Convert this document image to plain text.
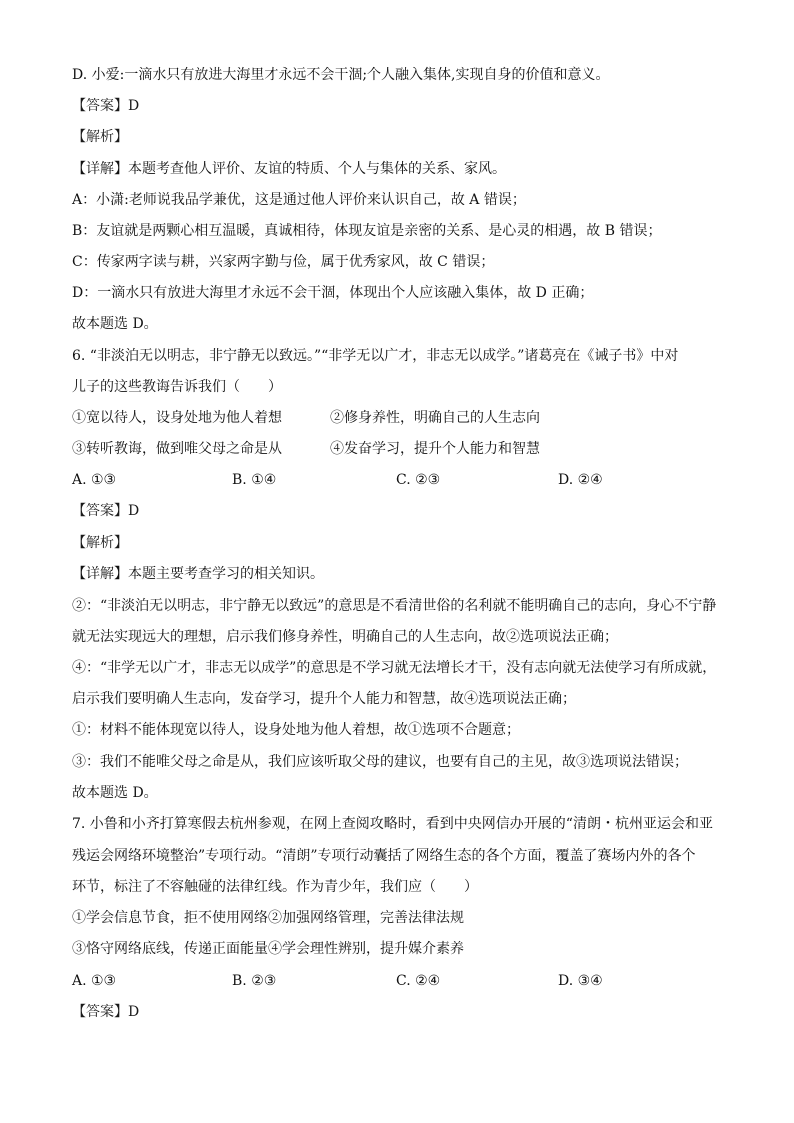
D. 小爱:一滴水只有放进大海里才永远不会干涸;个人融入集体,实现自身的价值和意义。
【答案】D
【解析】
【详解】本题考查他人评价、友谊的特质、个人与集体的关系、家风。
A：小潇:老师说我品学兼优，这是通过他人评价来认识自己，故 A 错误；
B：友谊就是两颗心相互温暖，真诚相待，体现友谊是亲密的关系、是心灵的相遇，故 B 错误；
C：传家两字读与耕，兴家两字勤与俭，属于优秀家风，故 C 错误；
D：一滴水只有放进大海里才永远不会干涸，体现出个人应该融入集体，故 D 正确；
故本题选 D。
6. “非淡泊无以明志，非宁静无以致远。”“非学无以广才，非志无以成学。”诸葛亮在《诫子书》中对
儿子的这些教诲告诉我们（　　）
①宽以待人，设身处地为他人着想	②修身养性，明确自己的人生志向
③转听教诲，做到唯父母之命是从	④发奋学习，提升个人能力和智慧
A. ①③	B. ①④	C. ②③	D. ②④
【答案】D
【解析】
【详解】本题主要考查学习的相关知识。
②：“非淡泊无以明志，非宁静无以致远”的意思是不看清世俗的名利就不能明确自己的志向，身心不宁静
就无法实现远大的理想，启示我们修身养性，明确自己的人生志向，故②选项说法正确；
④：“非学无以广才，非志无以成学”的意思是不学习就无法增长才干，没有志向就无法使学习有所成就，
启示我们要明确人生志向，发奋学习，提升个人能力和智慧，故④选项说法正确；
①：材料不能体现宽以待人，设身处地为他人着想，故①选项不合题意；
③：我们不能唯父母之命是从，我们应该听取父母的建议，也要有自己的主见，故③选项说法错误；
故本题选 D。
7. 小鲁和小齐打算寒假去杭州参观，在网上查阅攻略时，看到中央网信办开展的“清朗・杭州亚运会和亚
残运会网络环境整治”专项行动。“清朗”专项行动囊括了网络生态的各个方面，覆盖了赛场内外的各个
环节，标注了不容触碰的法律红线。作为青少年，我们应（　　）
①学会信息节食，拒不使用网络②加强网络管理，完善法律法规
③恪守网络底线，传递正面能量④学会理性辨别，提升媒介素养
A. ①③	B. ②③	C. ②④	D. ③④
【答案】D
